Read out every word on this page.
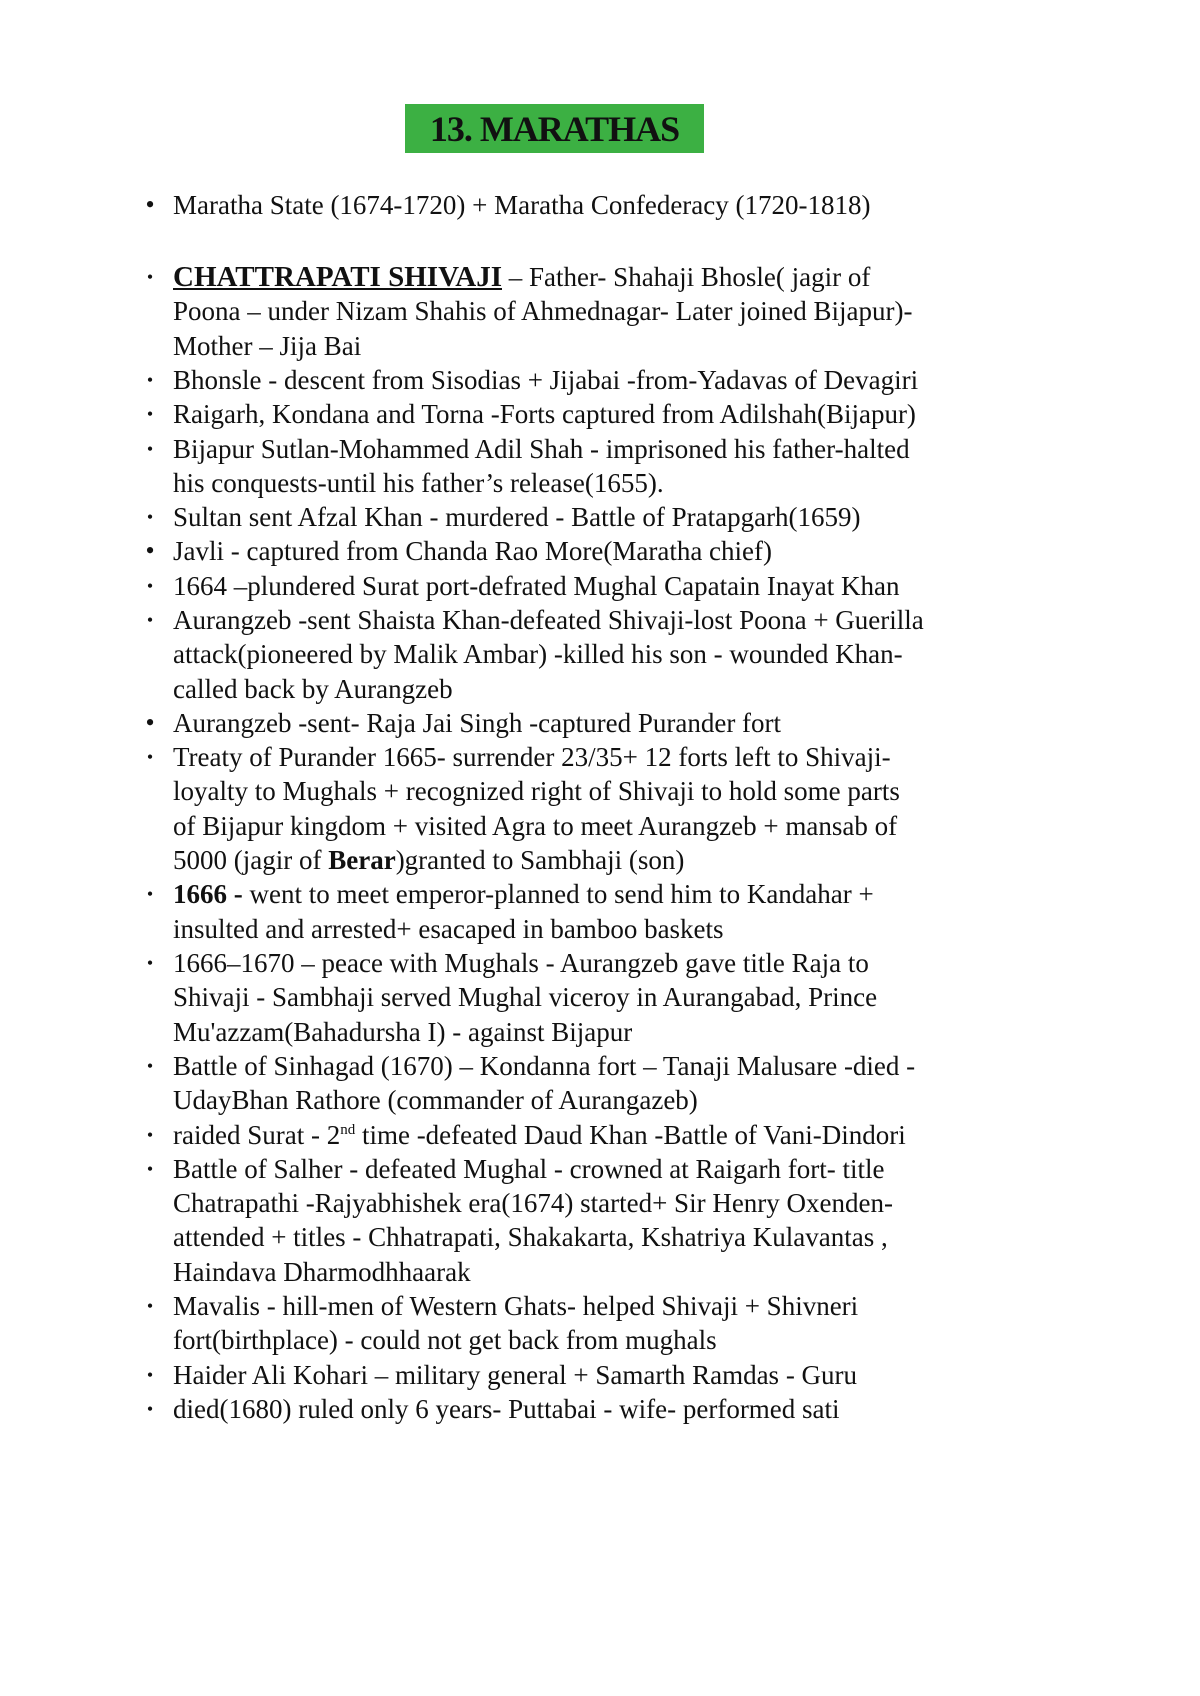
13. MARATHAS
• Maratha State (1674-1720) + Maratha Confederacy (1720-1818)
• CHATTRAPATI SHIVAJI – Father- Shahaji Bhosle( jagir of
Poona – under Nizam Shahis of Ahmednagar- Later joined Bijapur)-
Mother – Jija Bai
• Bhonsle - descent from Sisodias + Jijabai -from-Yadavas of Devagiri
• Raigarh, Kondana and Torna -Forts captured from Adilshah(Bijapur)
• Bijapur Sutlan-Mohammed Adil Shah - imprisoned his father-halted
his conquests-until his father’s release(1655).
• Sultan sent Afzal Khan - murdered - Battle of Pratapgarh(1659)
• Javli - captured from Chanda Rao More(Maratha chief)
• 1664 –plundered Surat port-defrated Mughal Capatain Inayat Khan
• Aurangzeb -sent Shaista Khan-defeated Shivaji-lost Poona + Guerilla
attack(pioneered by Malik Ambar) -killed his son - wounded Khan-
called back by Aurangzeb
• Aurangzeb -sent- Raja Jai Singh -captured Purander fort
• Treaty of Purander 1665- surrender 23/35+ 12 forts left to Shivaji-
loyalty to Mughals + recognized right of Shivaji to hold some parts
of Bijapur kingdom + visited Agra to meet Aurangzeb + mansab of
5000 (jagir of Berar)granted to Sambhaji (son)
• 1666 - went to meet emperor-planned to send him to Kandahar +
insulted and arrested+ esacaped in bamboo baskets
• 1666–1670 – peace with Mughals - Aurangzeb gave title Raja to
Shivaji - Sambhaji served Mughal viceroy in Aurangabad, Prince
Mu'azzam(Bahadursha I) - against Bijapur
• Battle of Sinhagad (1670) – Kondanna fort – Tanaji Malusare -died -
UdayBhan Rathore (commander of Aurangazeb)
• raided Surat - 2nd time -defeated Daud Khan -Battle of Vani-Dindori
• Battle of Salher - defeated Mughal - crowned at Raigarh fort- title
Chatrapathi -Rajyabhishek era(1674) started+ Sir Henry Oxenden-
attended + titles - Chhatrapati, Shakakarta, Kshatriya Kulavantas ,
Haindava Dharmodhhaarak
• Mavalis - hill-men of Western Ghats- helped Shivaji + Shivneri
fort(birthplace) - could not get back from mughals
• Haider Ali Kohari – military general + Samarth Ramdas - Guru
• died(1680) ruled only 6 years- Puttabai - wife- performed sati
